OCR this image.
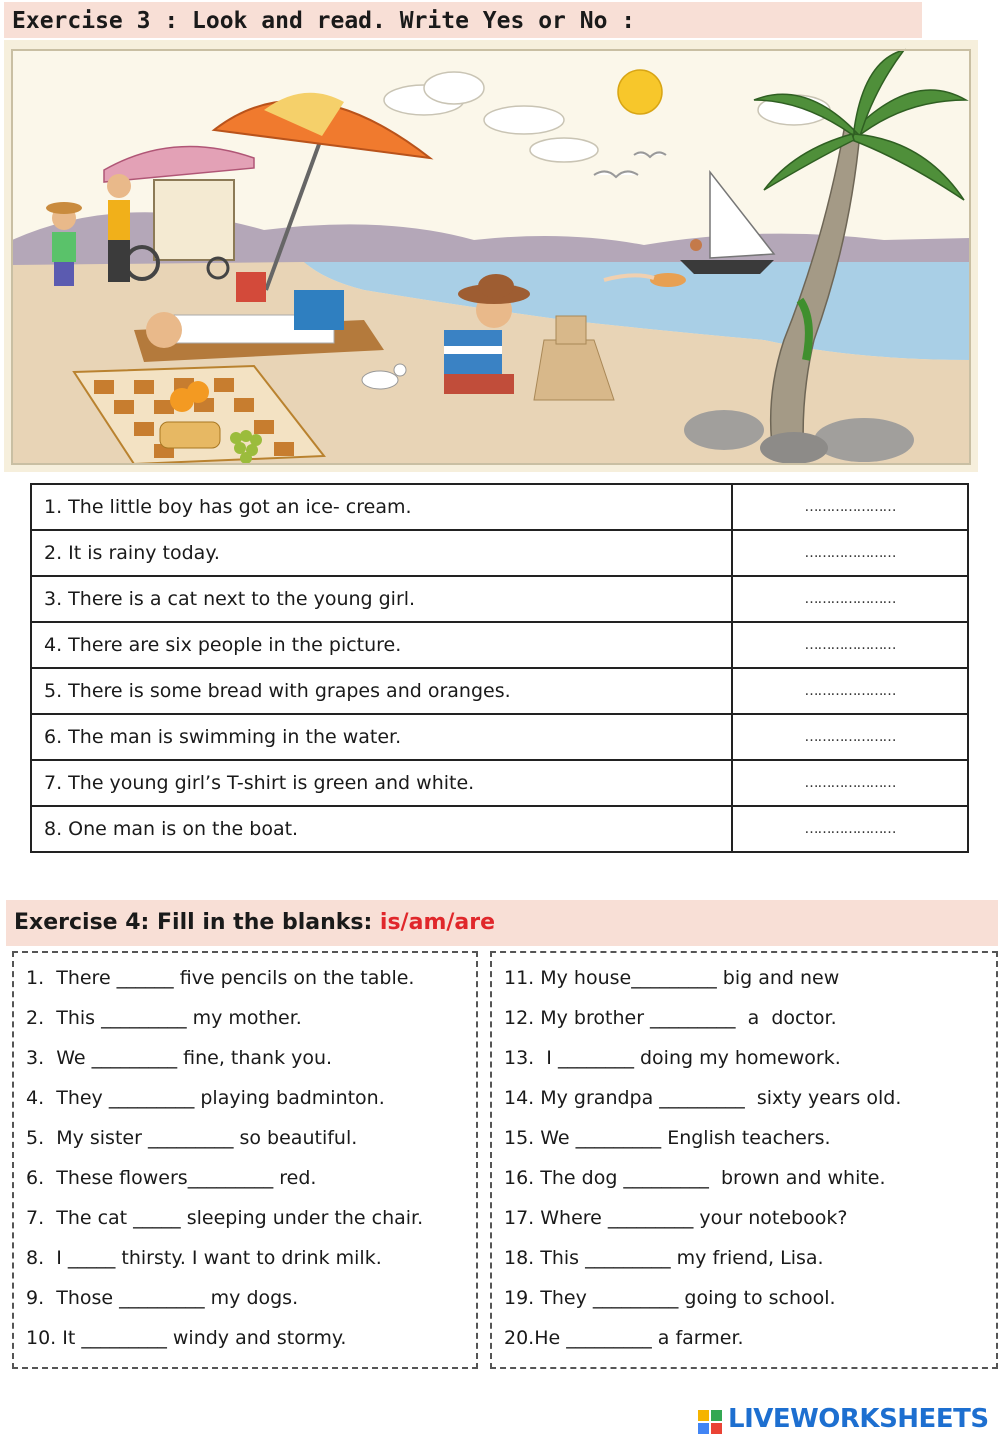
Exercise 3 : Look and read. Write Yes or No :
1. The little boy has got an ice- cream.	…………………
2. It is rainy today.	…………………
3. There is a cat next to the young girl.	…………………
4. There are six people in the picture.	…………………
5. There is some bread with grapes and oranges.	…………………
6. The man is swimming in the water.	…………………
7. The young girl’s T-shirt is green and white.	…………………
8. One man is on the boat.	…………………
Exercise 4: Fill in the blanks: is/am/are
1.  There ______ five pencils on the table.
2.  This _________ my mother.
3.  We _________ fine, thank you.
4.  They _________ playing badminton.
5.  My sister _________ so beautiful.
6.  These flowers_________ red.
7.  The cat _____ sleeping under the chair.
8.  I _____ thirsty. I want to drink milk.
9.  Those _________ my dogs.
10. It _________ windy and stormy.
11. My house_________ big and new
12. My brother _________  a  doctor.
13.  I ________ doing my homework.
14. My grandpa _________  sixty years old.
15. We _________ English teachers.
16. The dog _________  brown and white.
17. Where _________ your notebook?
18. This _________ my friend, Lisa.
19. They _________ going to school.
20.He _________ a farmer.
LIVEWORKSHEETS
